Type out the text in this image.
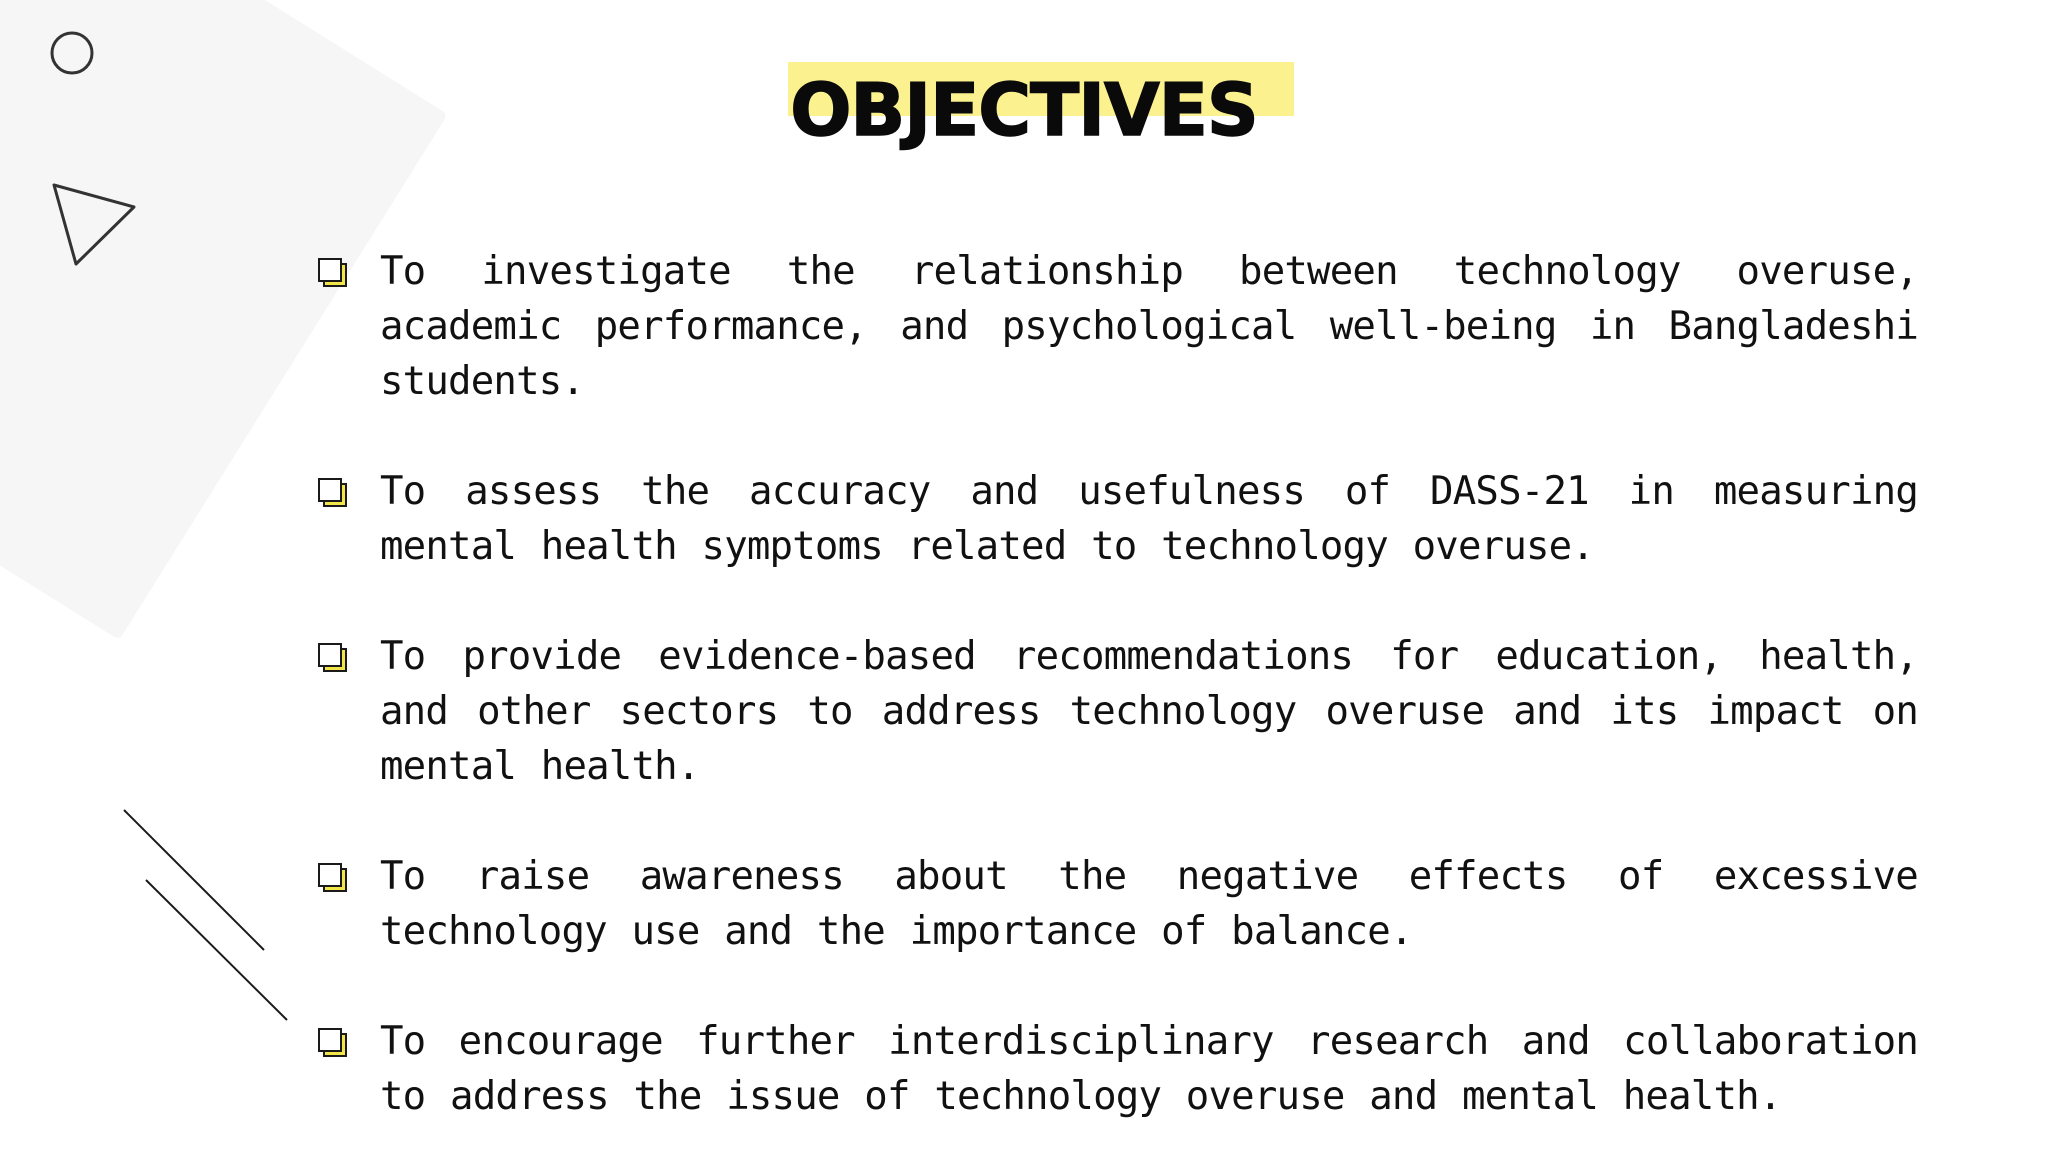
OBJECTIVES
To investigate the relationship between technology overuse, academic performance, and psychological well-being in Bangladeshi students.
To assess the accuracy and usefulness of DASS-21 in measuring mental health symptoms related to technology overuse.
To provide evidence-based recommendations for education, health, and other sectors to address technology overuse and its impact on mental health.
To raise awareness about the negative effects of excessive technology use and the importance of balance.
To encourage further interdisciplinary research and collaboration to address the issue of technology overuse and mental health.
